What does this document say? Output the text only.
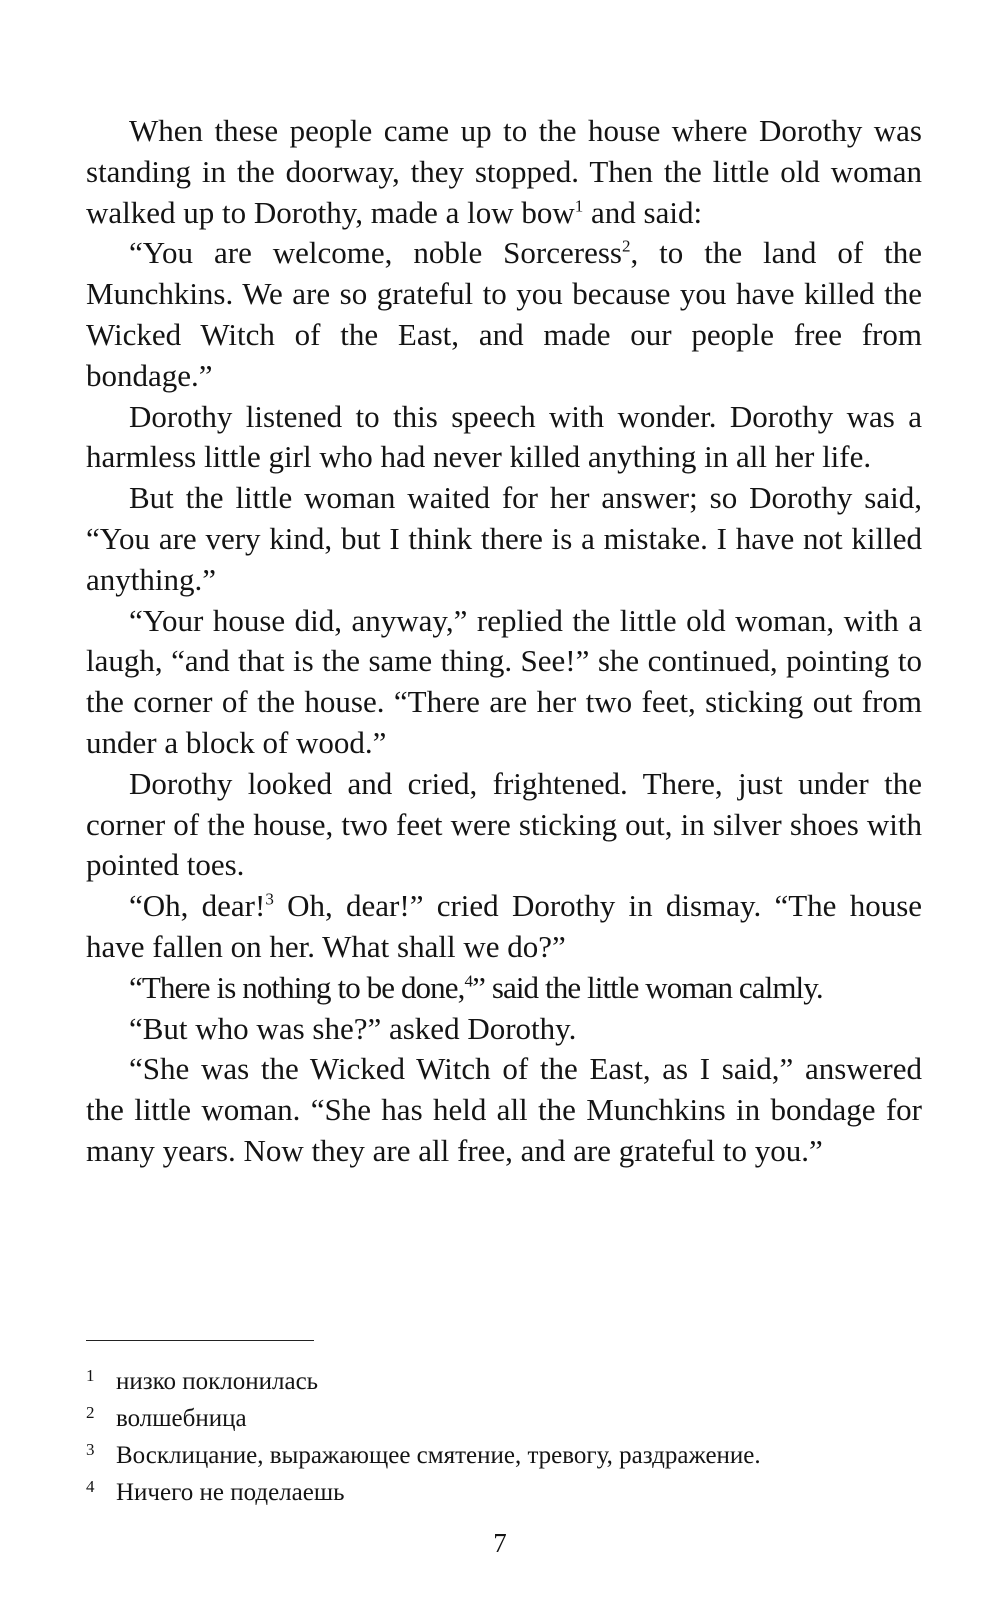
When these people came up to the house where Dorothy was standing in the doorway, they stopped. Then the little old woman walked up to Dorothy, made a low bow$^1$ and said:

“You are welcome, noble Sorceress$^2$, to the land of the Munchkins. We are so grateful to you because you have killed the Wicked Witch of the East, and made our people free from bondage.”

Dorothy listened to this speech with wonder. Dorothy was a harmless little girl who had never killed anything in all her life.

But the little woman waited for her answer; so Dorothy said, “You are very kind, but I think there is a mistake. I have not killed anything.”

“Your house did, anyway,” replied the little old woman, with a laugh, “and that is the same thing. See!” she continued, pointing to the corner of the house. “There are her two feet, sticking out from under a block of wood.”

Dorothy looked and cried, frightened. There, just under the corner of the house, two feet were sticking out, in silver shoes with pointed toes.

“Oh, dear!$^3$ Oh, dear!” cried Dorothy in dismay. “The house have fallen on her. What shall we do?”

“There is nothing to be done,$^4$” said the little woman calmly.

“But who was she?” asked Dorothy.

“She was the Wicked Witch of the East, as I said,” answered the little woman. “She has held all the Munchkins in bondage for many years. Now they are all free, and are grateful to you.”

1 низко поклонилась
2 волшебница
3 Восклицание, выражающее смятение, тревогу, раздражение.
4 Ничего не поделаешь
7
